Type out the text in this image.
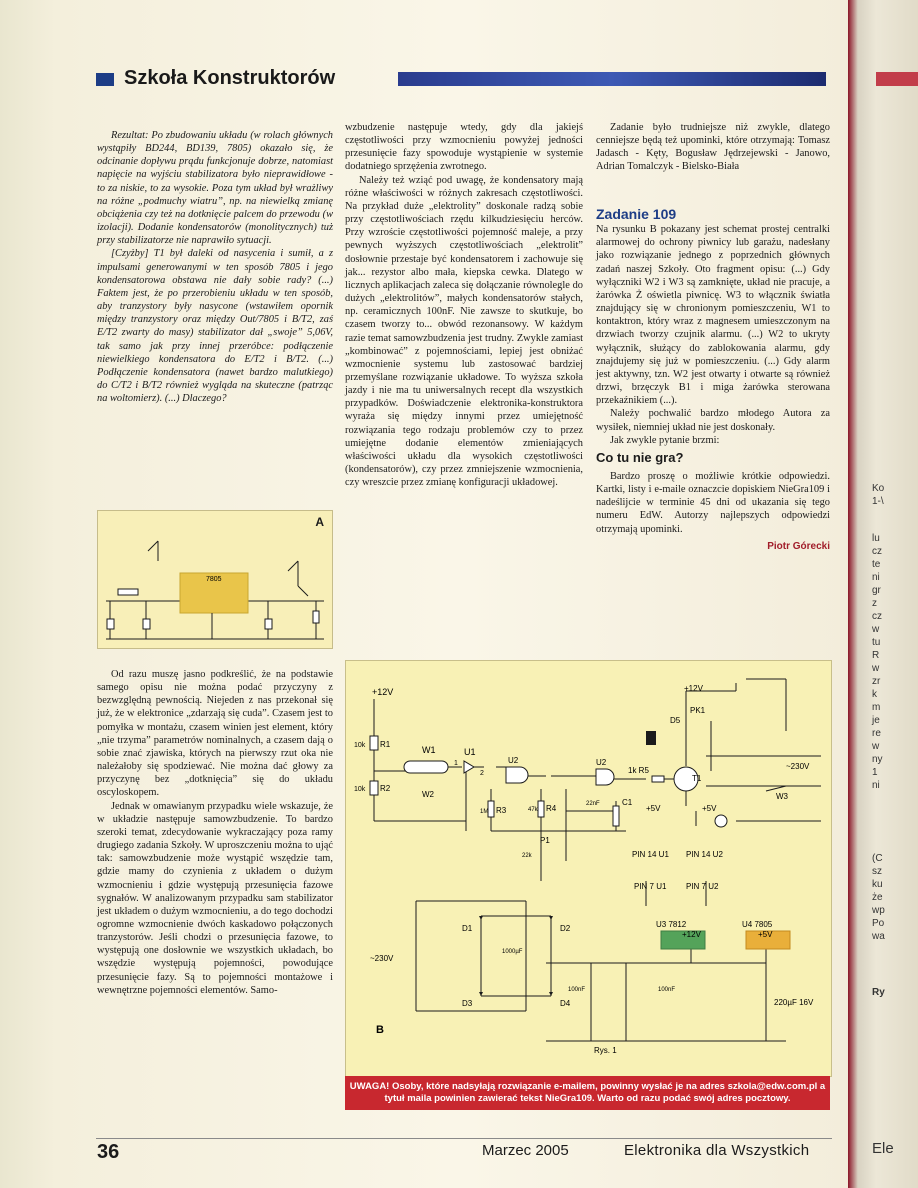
Szkoła Konstruktorów

Rezultat: Po zbudowaniu układu (w rolach głównych wystąpiły BD244, BD139, 7805) okazało się, że odcinanie dopływu prądu funkcjonuje dobrze, natomiast napięcie na wyjściu stabilizatora było nieprawidłowe - to za niskie, to za wysokie. Poza tym układ był wrażliwy na różne „podmuchy wiatru”, np. na niewielką zmianę obciążenia czy też na dotknięcie palcem do przewodu (w izolacji). Dodanie kondensatorów (monolitycznych) tuż przy stabilizatorze nie naprawiło sytuacji.

[Czyżby] T1 był daleki od nasycenia i sumił, a z impulsami generowanymi w ten sposób 7805 i jego kondensatorowa obstawa nie dały sobie rady? (...) Faktem jest, że po przerobieniu układu w ten sposób, aby tranzystory były nasycone (wstawiłem opornik między tranzystory oraz między Out/7805 i B/T2, zaś E/T2 zwarty do masy) stabilizator dał „swoje” 5,06V, tak samo jak przy innej przeróbce: podłączenie niewielkiego kondensatora do E/T2 i B/T2. (...) Podłączenie kondensatora (nawet bardzo malutkiego) do C/T2 i B/T2 również wygląda na skuteczne (patrząc na woltomierz). (...) Dlaczego?

A
7805

Od razu muszę jasno podkreślić, że na podstawie samego opisu nie można podać przyczyny z bezwzględną pewnością. Niejeden z nas przekonał się już, że w elektronice „zdarzają się cuda”. Czasem jest to pomyłka w montażu, czasem winien jest element, który „nie trzyma” parametrów nominalnych, a czasem dają o sobie znać zjawiska, których na pierwszy rzut oka nie należałoby się spodziewać. Nie można dać głowy za przyczynę bez „dotknięcia” się do układu oscyloskopem.

Jednak w omawianym przypadku wiele wskazuje, że w układzie następuje samowzbudzenie. To bardzo szeroki temat, zdecydowanie wykraczający poza ramy drugiego zadania Szkoły. W uproszczeniu można to ująć tak: samowzbudzenie może wystąpić wszędzie tam, gdzie mamy do czynienia z układem o dużym wzmocnieniu i gdzie występują przesunięcia fazowe sygnałów. W analizowanym przypadku sam stabilizator jest układem o dużym wzmocnieniu, a do tego dochodzi ogromne wzmocnienie dwóch kaskadowo połączonych tranzystorów. Jeśli chodzi o przesunięcia fazowe, to występują one dosłownie we wszystkich układach, bo wszędzie występują pojemności, powodujące przesunięcie fazy. Są to pojemności montażowe i wewnętrzne pojemności elementów. Samo-

wzbudzenie następuje wtedy, gdy dla jakiejś częstotliwości przy wzmocnieniu powyżej jedności przesunięcie fazy spowoduje wystąpienie w systemie dodatniego sprzężenia zwrotnego.

Należy też wziąć pod uwagę, że kondensatory mają różne właściwości w różnych zakresach częstotliwości. Na przykład duże „elektrolity” doskonale radzą sobie przy częstotliwościach rzędu kilkudziesięciu herców. Przy wzroście częstotliwości pojemność maleje, a przy pewnych wyższych częstotliwościach „elektrolit” dosłownie przestaje być kondensatorem i zachowuje się jak... rezystor albo mała, kiepska cewka. Dlatego w licznych aplikacjach zaleca się dołączanie równolegle do dużych „elektrolitów”, małych kondensatorów stałych, np. ceramicznych 100nF. Nie zawsze to skutkuje, bo czasem tworzy to... obwód rezonansowy. W każdym razie temat samowzbudzenia jest trudny. Zwykle zamiast „kombinować” z pojemnościami, lepiej jest obniżać wzmocnienie systemu lub zastosować bardziej przemyślane rozwiązanie układowe. To wyższa szkoła jazdy i nie ma tu uniwersalnych recept dla wszystkich przypadków. Doświadczenie elektronika-konstruktora wyraża się między innymi przez umiejętność rozwiązania tego rodzaju problemów czy to przez umiejętne dodanie elementów zmieniających właściwości układu dla wysokich częstotliwości (kondensatorów), czy przez zmniejszenie wzmocnienia, czy wreszcie przez zmianę konfiguracji układowej.

Zadanie było trudniejsze niż zwykle, dlatego cenniejsze będą też upominki, które otrzymają: Tomasz Jadasch - Kęty, Bogusław Jędrzejewski - Janowo, Adrian Tomalczyk - Bielsko-Biała

Zadanie 109

Na rysunku B pokazany jest schemat prostej centralki alarmowej do ochrony piwnicy lub garażu, nadesłany jako rozwiązanie jednego z poprzednich głównych zadań naszej Szkoły. Oto fragment opisu: (...) Gdy wyłączniki W2 i W3 są zamknięte, układ nie pracuje, a żarówka Ż oświetla piwnicę. W3 to włącznik światła znajdujący się w chronionym pomieszczeniu, W1 to kontaktron, który wraz z magnesem umieszczonym na drzwiach tworzy czujnik alarmu. (...) W2 to ukryty wyłącznik, służący do zablokowania alarmu, gdy znajdujemy się już w pomieszczeniu. (...) Gdy alarm jest aktywny, tzn. W2 jest otwarty i otwarte są również drzwi, brzęczyk B1 i miga żarówka sterowana przekaźnikiem (...).

Należy pochwalić bardzo młodego Autora za wysiłek, niemniej układ nie jest doskonały.

Jak zwykle pytanie brzmi:

Co tu nie gra?

Bardzo proszę o możliwie krótkie odpowiedzi. Kartki, listy i e-maile oznaczcie dopiskiem NieGra109 i nadeślijcie w terminie 45 dni od ukazania się tego numeru EdW. Autorzy najlepszych odpowiedzi otrzymają upominki.

Piotr Górecki
+12V
10k R1
10k R2
W1
W2
U1
1
2
U2	U2
1M R3	47k R4
P1
22k
22nF	C1
1k R5
T1
D5
PK1
+12V
+5V	+5V
PIN 14 U1 PIN 14 U2
PIN 7 U1 PIN 7 U2
W3
~230V
~230V
D1	D2
D3	D4
1000µF
100nF	100nF
U3 7812	U4 7805
+12V	+5V
220µF 16V
B
Rys. 1
UWAGA! Osoby, które nadsyłają rozwiązanie e-mailem, powinny wysłać je na adres szkola@edw.com.pl a
tytuł maila powinien zawierać tekst NieGra109. Warto od razu podać swój adres pocztowy.
36	Marzec 2005	Elektronika dla Wszystkich
Ko
1-\
lu
cz
te
ni
gr
z
cz
w
tu
R
w
zr
k
m
je
re
w
ny
1
ni
(C
sz
ku
że
wp
Po
wa
Ry
Ele
